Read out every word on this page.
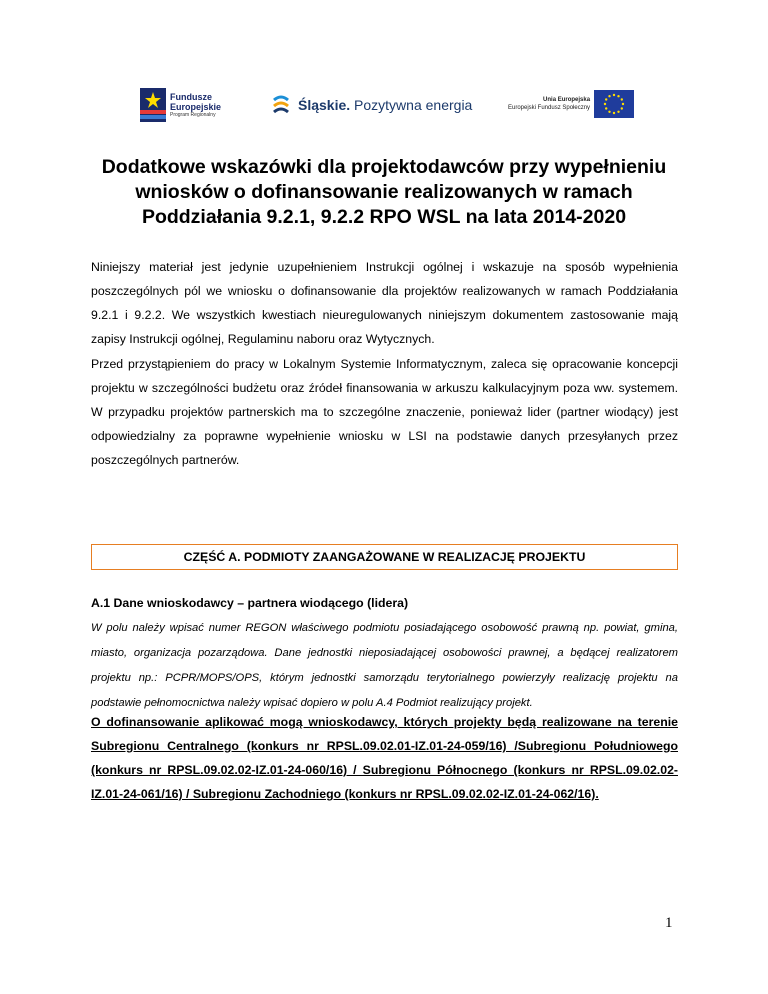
Fundusze
Europejskie
Program Regionalny
Śląskie. Pozytywna energia	Unia Europejska
Europejski Fundusz Społeczny
Dodatkowe wskazówki dla projektodawców przy wypełnieniu wniosków o dofinansowanie realizowanych w ramach Poddziałania 9.2.1, 9.2.2 RPO WSL na lata 2014-2020
Niniejszy materiał jest jedynie uzupełnieniem Instrukcji ogólnej i wskazuje na sposób wypełnienia poszczególnych pól we wniosku o dofinansowanie dla projektów realizowanych w ramach Poddziałania 9.2.1 i 9.2.2. We wszystkich kwestiach nieuregulowanych niniejszym dokumentem zastosowanie mają zapisy Instrukcji ogólnej, Regulaminu naboru oraz Wytycznych.
Przed przystąpieniem do pracy w Lokalnym Systemie Informatycznym, zaleca się opracowanie koncepcji projektu w szczególności budżetu oraz źródeł finansowania w arkuszu kalkulacyjnym poza ww. systemem. W przypadku projektów partnerskich ma to szczególne znaczenie, ponieważ lider (partner wiodący) jest odpowiedzialny za poprawne wypełnienie wniosku w LSI na podstawie danych przesyłanych przez poszczególnych partnerów.
CZĘŚĆ A. PODMIOTY ZAANGAŻOWANE W REALIZACJĘ PROJEKTU
A.1 Dane wnioskodawcy – partnera wiodącego (lidera)
W polu należy wpisać numer REGON właściwego podmiotu posiadającego osobowość prawną np. powiat, gmina, miasto, organizacja pozarządowa. Dane jednostki nieposiadającej osobowości prawnej, a będącej realizatorem projektu np.: PCPR/MOPS/OPS, którym jednostki samorządu terytorialnego powierzyły realizację projektu na podstawie pełnomocnictwa należy wpisać dopiero w polu A.4 Podmiot realizujący projekt.
O dofinansowanie aplikować mogą wnioskodawcy, których projekty będą realizowane na terenie Subregionu Centralnego (konkurs nr RPSL.09.02.01-IZ.01-24-059/16) /Subregionu Południowego (konkurs nr RPSL.09.02.02-IZ.01-24-060/16) / Subregionu Północnego (konkurs nr RPSL.09.02.02-IZ.01-24-061/16) / Subregionu Zachodniego (konkurs nr RPSL.09.02.02-IZ.01-24-062/16).
1
